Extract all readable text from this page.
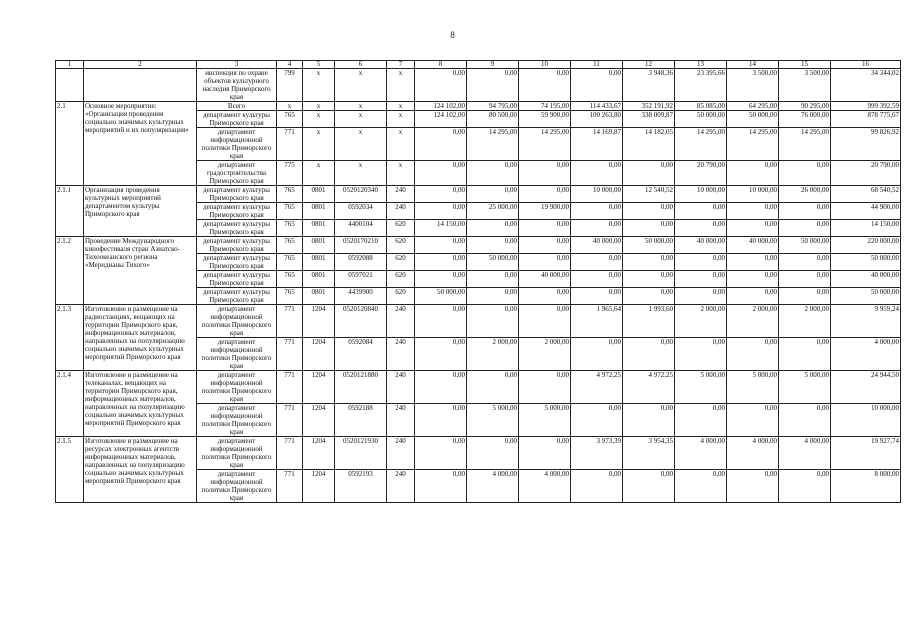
8
1	2	3	4	5	6	7	8	9	10	11	12	13	14	15	16
		инспекция по охране объектов культурного наследия Приморского края	799	x	x	x	0,00	0,00	0,00	0,00	3 948,36	23 395,66	3 500,00	3 500,00	34 344,02
2.1	Основное мероприятие: «Организация проведения социально значимых культурных мероприятий и их популяризация»	Всего	x	x	x	x	124 102,00	94 795,00	74 195,00	114 433,67	352 191,92	85 085,00	64 295,00	90 295,00	999 392,59
		департамент культуры Приморского края	765	x	x	x	124 102,00	80 500,00	59 900,00	100 263,80	338 009,87	50 000,00	50 000,00	76 000,00	878 775,67
		департамент информационной политики Приморского края	771	x	x	x	0,00	14 295,00	14 295,00	14 169,87	14 182,05	14 295,00	14 295,00	14 295,00	99 826,92
		департамент градостроительства Приморского края	775	x	x	x	0,00	0,00	0,00	0,00	0,00	20 790,00	0,00	0,00	20 790,00
2.1.1	Организация проведения культурных мероприятий департаментом культуры Приморского края	департамент культуры Приморского края	765	0801	0520120340	240	0,00	0,00	0,00	10 000,00	12 540,52	10 000,00	10 000,00	26 000,00	68 540,52
		департамент культуры Приморского края	765	0801	0592034	240	0,00	25 000,00	19 900,00	0,00	0,00	0,00	0,00	0,00	44 900,00
		департамент культуры Приморского края	765	0801	4400104	620	14 150,00	0,00	0,00	0,00	0,00	0,00	0,00	0,00	14 150,00
2.1.2	Проведение Международного кинофестиваля стран Азиатско-Тихоокеанского региона «Меридианы Тихого»	департамент культуры Приморского края	765	0801	0520170210	620	0,00	0,00	0,00	40 000,00	50 000,00	40 000,00	40 000,00	50 000,00	220 000,00
		департамент культуры Приморского края	765	0801	0592088	620	0,00	50 000,00	0,00	0,00	0,00	0,00	0,00	0,00	50 000,00
		департамент культуры Приморского края	765	0801	0597021	620	0,00	0,00	40 000,00	0,00	0,00	0,00	0,00	0,00	40 000,00
		департамент культуры Приморского края	765	0801	4439900	620	50 000,00	0,00	0,00	0,00	0,00	0,00	0,00	0,00	50 000,00
2.1.3	Изготовление и размещение на радиостанциях, вещающих на территории Приморского края, информационных материалов, направленных на популяризацию социально значимых культурных мероприятий Приморского края	департамент информационной политики Приморского края	771	1204	0520120840	240	0,00	0,00	0,00	1 965,64	1 993,60	2 000,00	2 000,00	2 000,00	9 959,24
		департамент информационной политики Приморского края	771	1204	0592084	240	0,00	2 000,00	2 000,00	0,00	0,00	0,00	0,00	0,00	4 000,00
2.1.4	Изготовление и размещение на телеканалах, вещающих на территории Приморского края, информационных материалов, направленных на популяризацию социально значимых культурных мероприятий Приморского края	департамент информационной политики Приморского края	771	1204	0520121880	240	0,00	0,00	0,00	4 972,25	4 972,25	5 000,00	5 000,00	5 000,00	24 944,50
		департамент информационной политики Приморского края	771	1204	0592188	240	0,00	5 000,00	5 000,00	0,00	0,00	0,00	0,00	0,00	10 000,00
2.1.5	Изготовление и размещение на ресурсах электронных агентств информационных материалов, направленных на популяризацию социально значимых культурных мероприятий Приморского края	департамент информационной политики Приморского края	771	1204	0520121930	240	0,00	0,00	0,00	3 973,39	3 954,35	4 000,00	4 000,00	4 000,00	19 927,74
		департамент информационной политики Приморского края	771	1204	0592193	240	0,00	4 000,00	4 000,00	0,00	0,00	0,00	0,00	0,00	8 000,00
